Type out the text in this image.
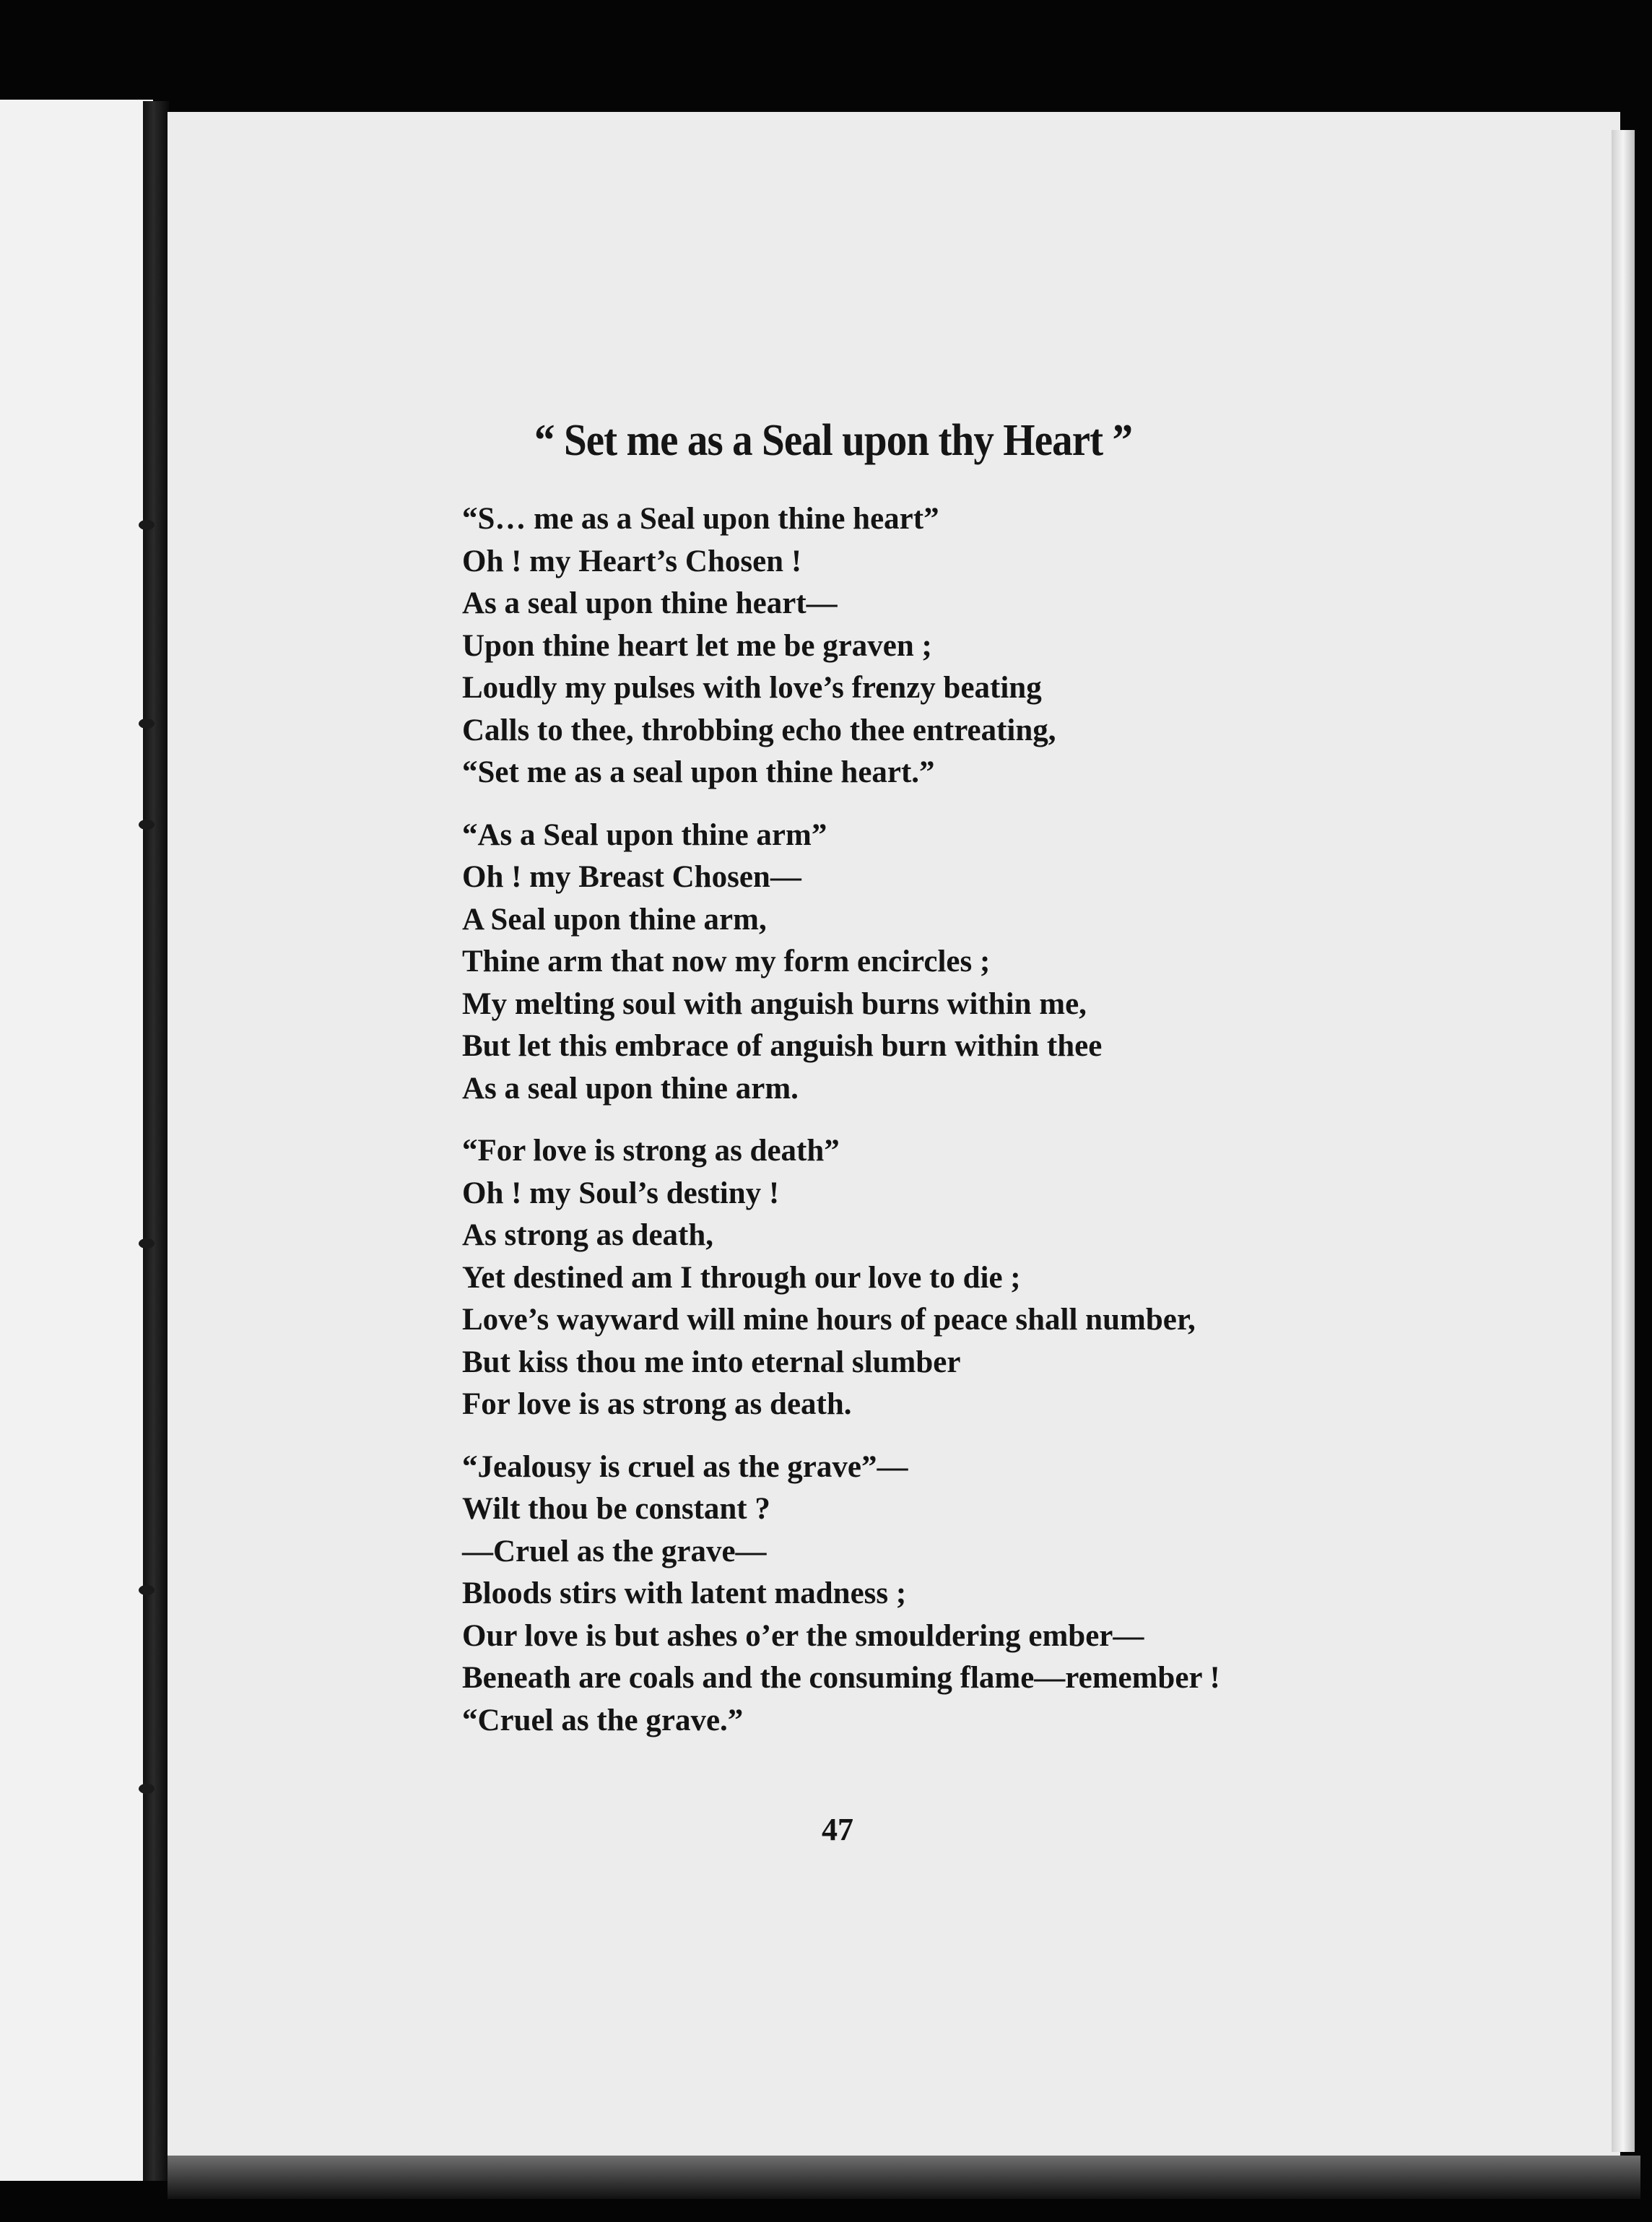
“ Set me as a Seal upon thy Heart ”
“S… me as a Seal upon thine heart”
Oh ! my Heart’s Chosen !
As a seal upon thine heart—
Upon thine heart let me be graven ;
Loudly my pulses with love’s frenzy beating
Calls to thee, throbbing echo thee entreating,
“Set me as a seal upon thine heart.”
“As a Seal upon thine arm”
Oh ! my Breast Chosen—
A Seal upon thine arm,
Thine arm that now my form encircles ;
My melting soul with anguish burns within me,
But let this embrace of anguish burn within thee
As a seal upon thine arm.
“For love is strong as death”
Oh ! my Soul’s destiny !
As strong as death,
Yet destined am I through our love to die ;
Love’s wayward will mine hours of peace shall number,
But kiss thou me into eternal slumber
For love is as strong as death.
“Jealousy is cruel as the grave”—
Wilt thou be constant ?
—Cruel as the grave—
Bloods stirs with latent madness ;
Our love is but ashes o’er the smouldering ember—
Beneath are coals and the consuming flame—remember !
“Cruel as the grave.”
47
